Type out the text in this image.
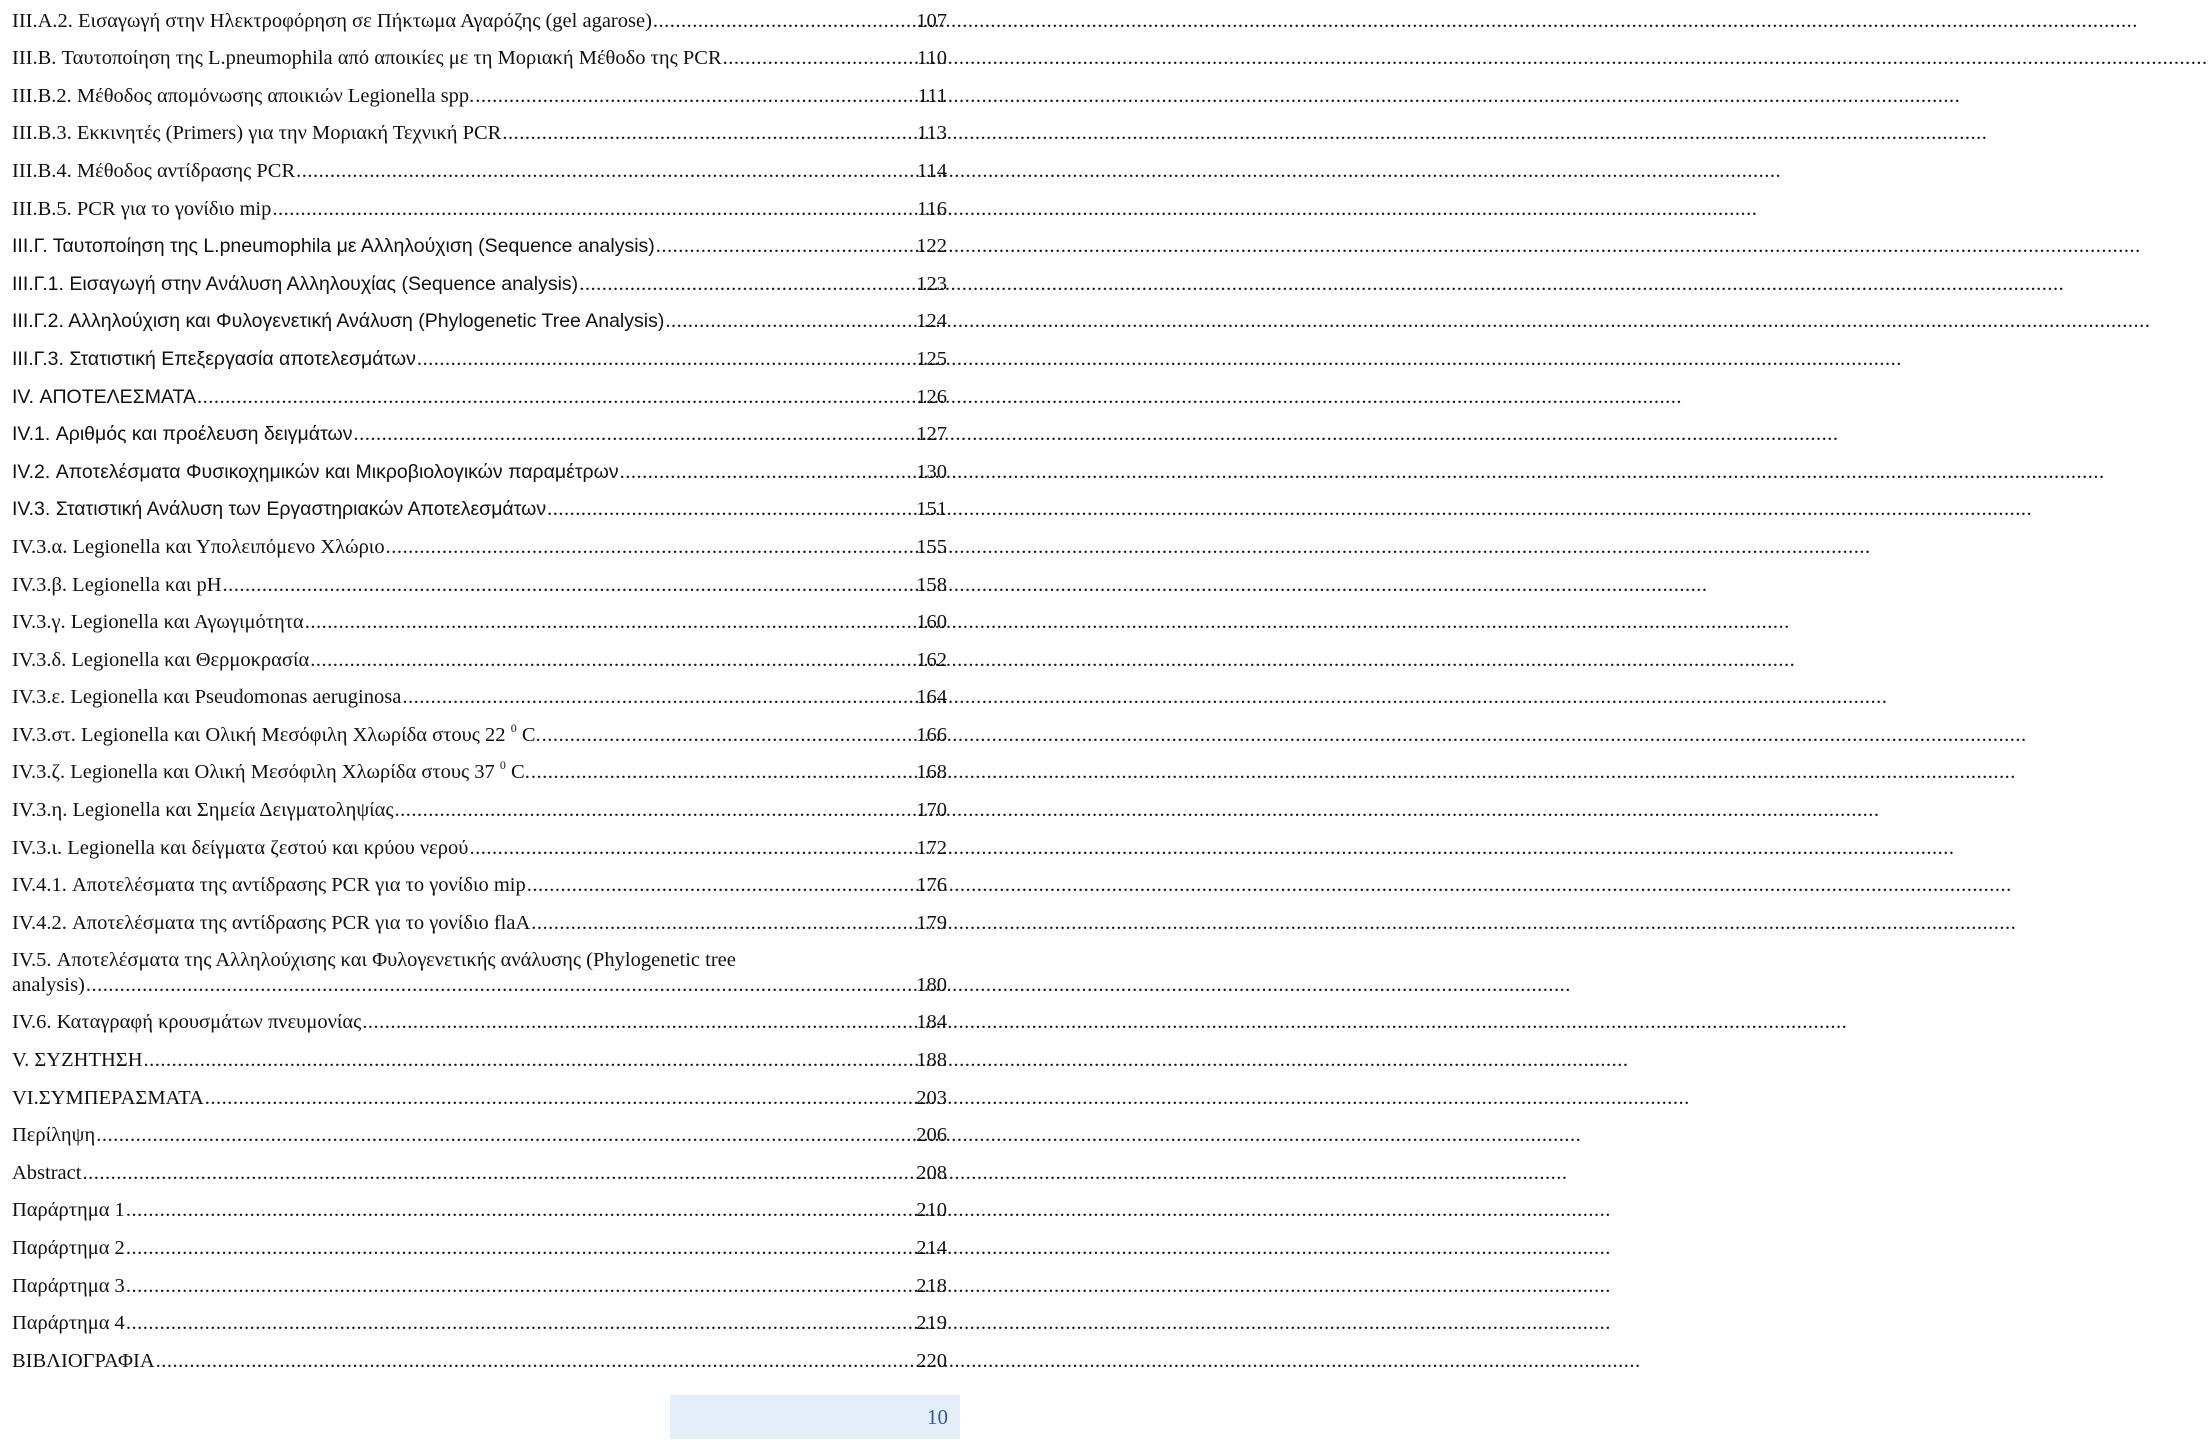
III.Α.2. Εισαγωγή στην Ηλεκτροφόρηση σε Πήκτωμα Αγαρόζης (gel agarose) .....	107
III.B. Ταυτοποίηση της L.pneumophila από αποικίες με τη Μοριακή Μέθοδο της PCR .....	110
III.B.2. Μέθοδος απομόνωσης αποικιών Legionella spp. .....	111
III.B.3. Εκκινητές (Primers) για την Μοριακή Τεχνική PCR .....	113
III.B.4. Μέθοδος αντίδρασης PCR .....	114
III.B.5. PCR για το γονίδιο mip .....	116
III.Γ. Ταυτοποίηση της L.pneumophila με Αλληλούχιση (Sequence analysis) .....	122
III.Γ.1. Εισαγωγή στην Ανάλυση Αλληλουχίας (Sequence analysis) .....	123
III.Γ.2. Αλληλούχιση και Φυλογενετική Ανάλυση (Phylogenetic Tree Analysis) .....	124
III.Γ.3. Στατιστική Επεξεργασία αποτελεσμάτων .....	125
IV. ΑΠΟΤΕΛΕΣΜΑΤΑ .....	126
IV.1. Αριθμός και προέλευση δειγμάτων .....	127
IV.2. Αποτελέσματα Φυσικοχημικών και Μικροβιολογικών παραμέτρων .....	130
IV.3. Στατιστική Ανάλυση των Εργαστηριακών Αποτελεσμάτων .....	151
IV.3.α. Legionella και Υπολειπόμενο Χλώριο .....	155
IV.3.β. Legionella και pH .....	158
IV.3.γ. Legionella και Αγωγιμότητα .....	160
IV.3.δ. Legionella και Θερμοκρασία .....	162
IV.3.ε. Legionella και Pseudomonas aeruginosa .....	164
IV.3.στ. Legionella και Ολική Μεσόφιλη Χλωρίδα στους 22 $^0$ C. .....	166
IV.3.ζ. Legionella και Ολική Μεσόφιλη Χλωρίδα στους 37 $^0$ C. .....	168
IV.3.η. Legionella και Σημεία Δειγματοληψίας .....	170
IV.3.ι. Legionella και δείγματα ζεστού και κρύου νερού .....	172
IV.4.1. Αποτελέσματα της αντίδρασης PCR για το γονίδιο mip .....	176
IV.4.2. Αποτελέσματα της αντίδρασης PCR για το γονίδιο flaA .....	179
IV.5. Αποτελέσματα της Αλληλούχισης και Φυλογενετικής ανάλυσης (Phylogenetic tree
analysis) .....	180
IV.6. Καταγραφή κρουσμάτων πνευμονίας .....	184
V. ΣΥΖΗΤΗΣΗ .....	188
VI.ΣΥΜΠΕΡΑΣΜΑΤΑ .....	203
Περίληψη .....	206
Abstract .....	208
Παράρτημα 1 .....	210
Παράρτημα 2 .....	214
Παράρτημα 3 .....	218
Παράρτημα 4 .....	219
ΒΙΒΛΙΟΓΡΑΦΙΑ .....	220
10
